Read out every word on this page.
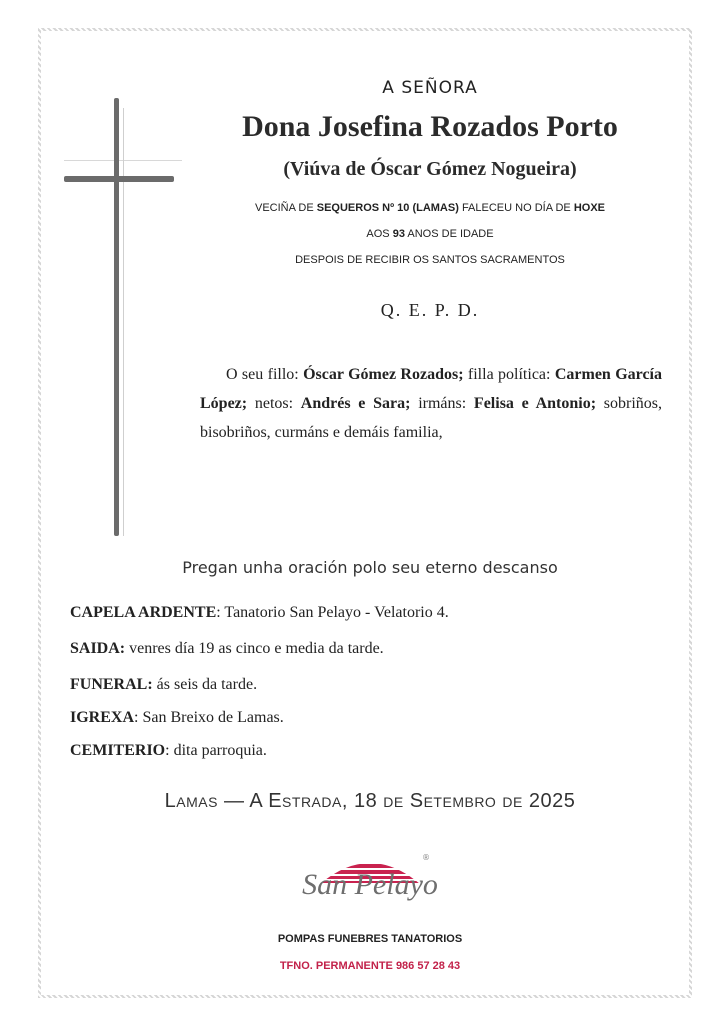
A SEÑORA
Dona Josefina Rozados Porto
(Viúva de Óscar Gómez Nogueira)
VECIÑA DE SEQUEROS Nº 10 (LAMAS) FALECEU NO DÍA DE HOXE
AOS 93 ANOS DE IDADE
DESPOIS DE RECIBIR OS SANTOS SACRAMENTOS
Q. E. P. D.
O seu fillo: Óscar Gómez Rozados; filla política: Carmen García López; netos: Andrés e Sara; irmáns: Felisa e Antonio; sobriños, bisobriños, curmáns e demáis familia,
Pregan unha oración polo seu eterno descanso
CAPELA ARDENTE: Tanatorio San Pelayo - Velatorio 4.
SAIDA: venres día 19 as cinco e media da tarde.
FUNERAL: ás seis da tarde.
IGREXA: San Breixo de Lamas.
CEMITERIO: dita parroquia.
Lamas — A Estrada, 18 de Setembro de 2025
®
San Pelayo
POMPAS FUNEBRES TANATORIOS
TFNO. PERMANENTE 986 57 28 43
